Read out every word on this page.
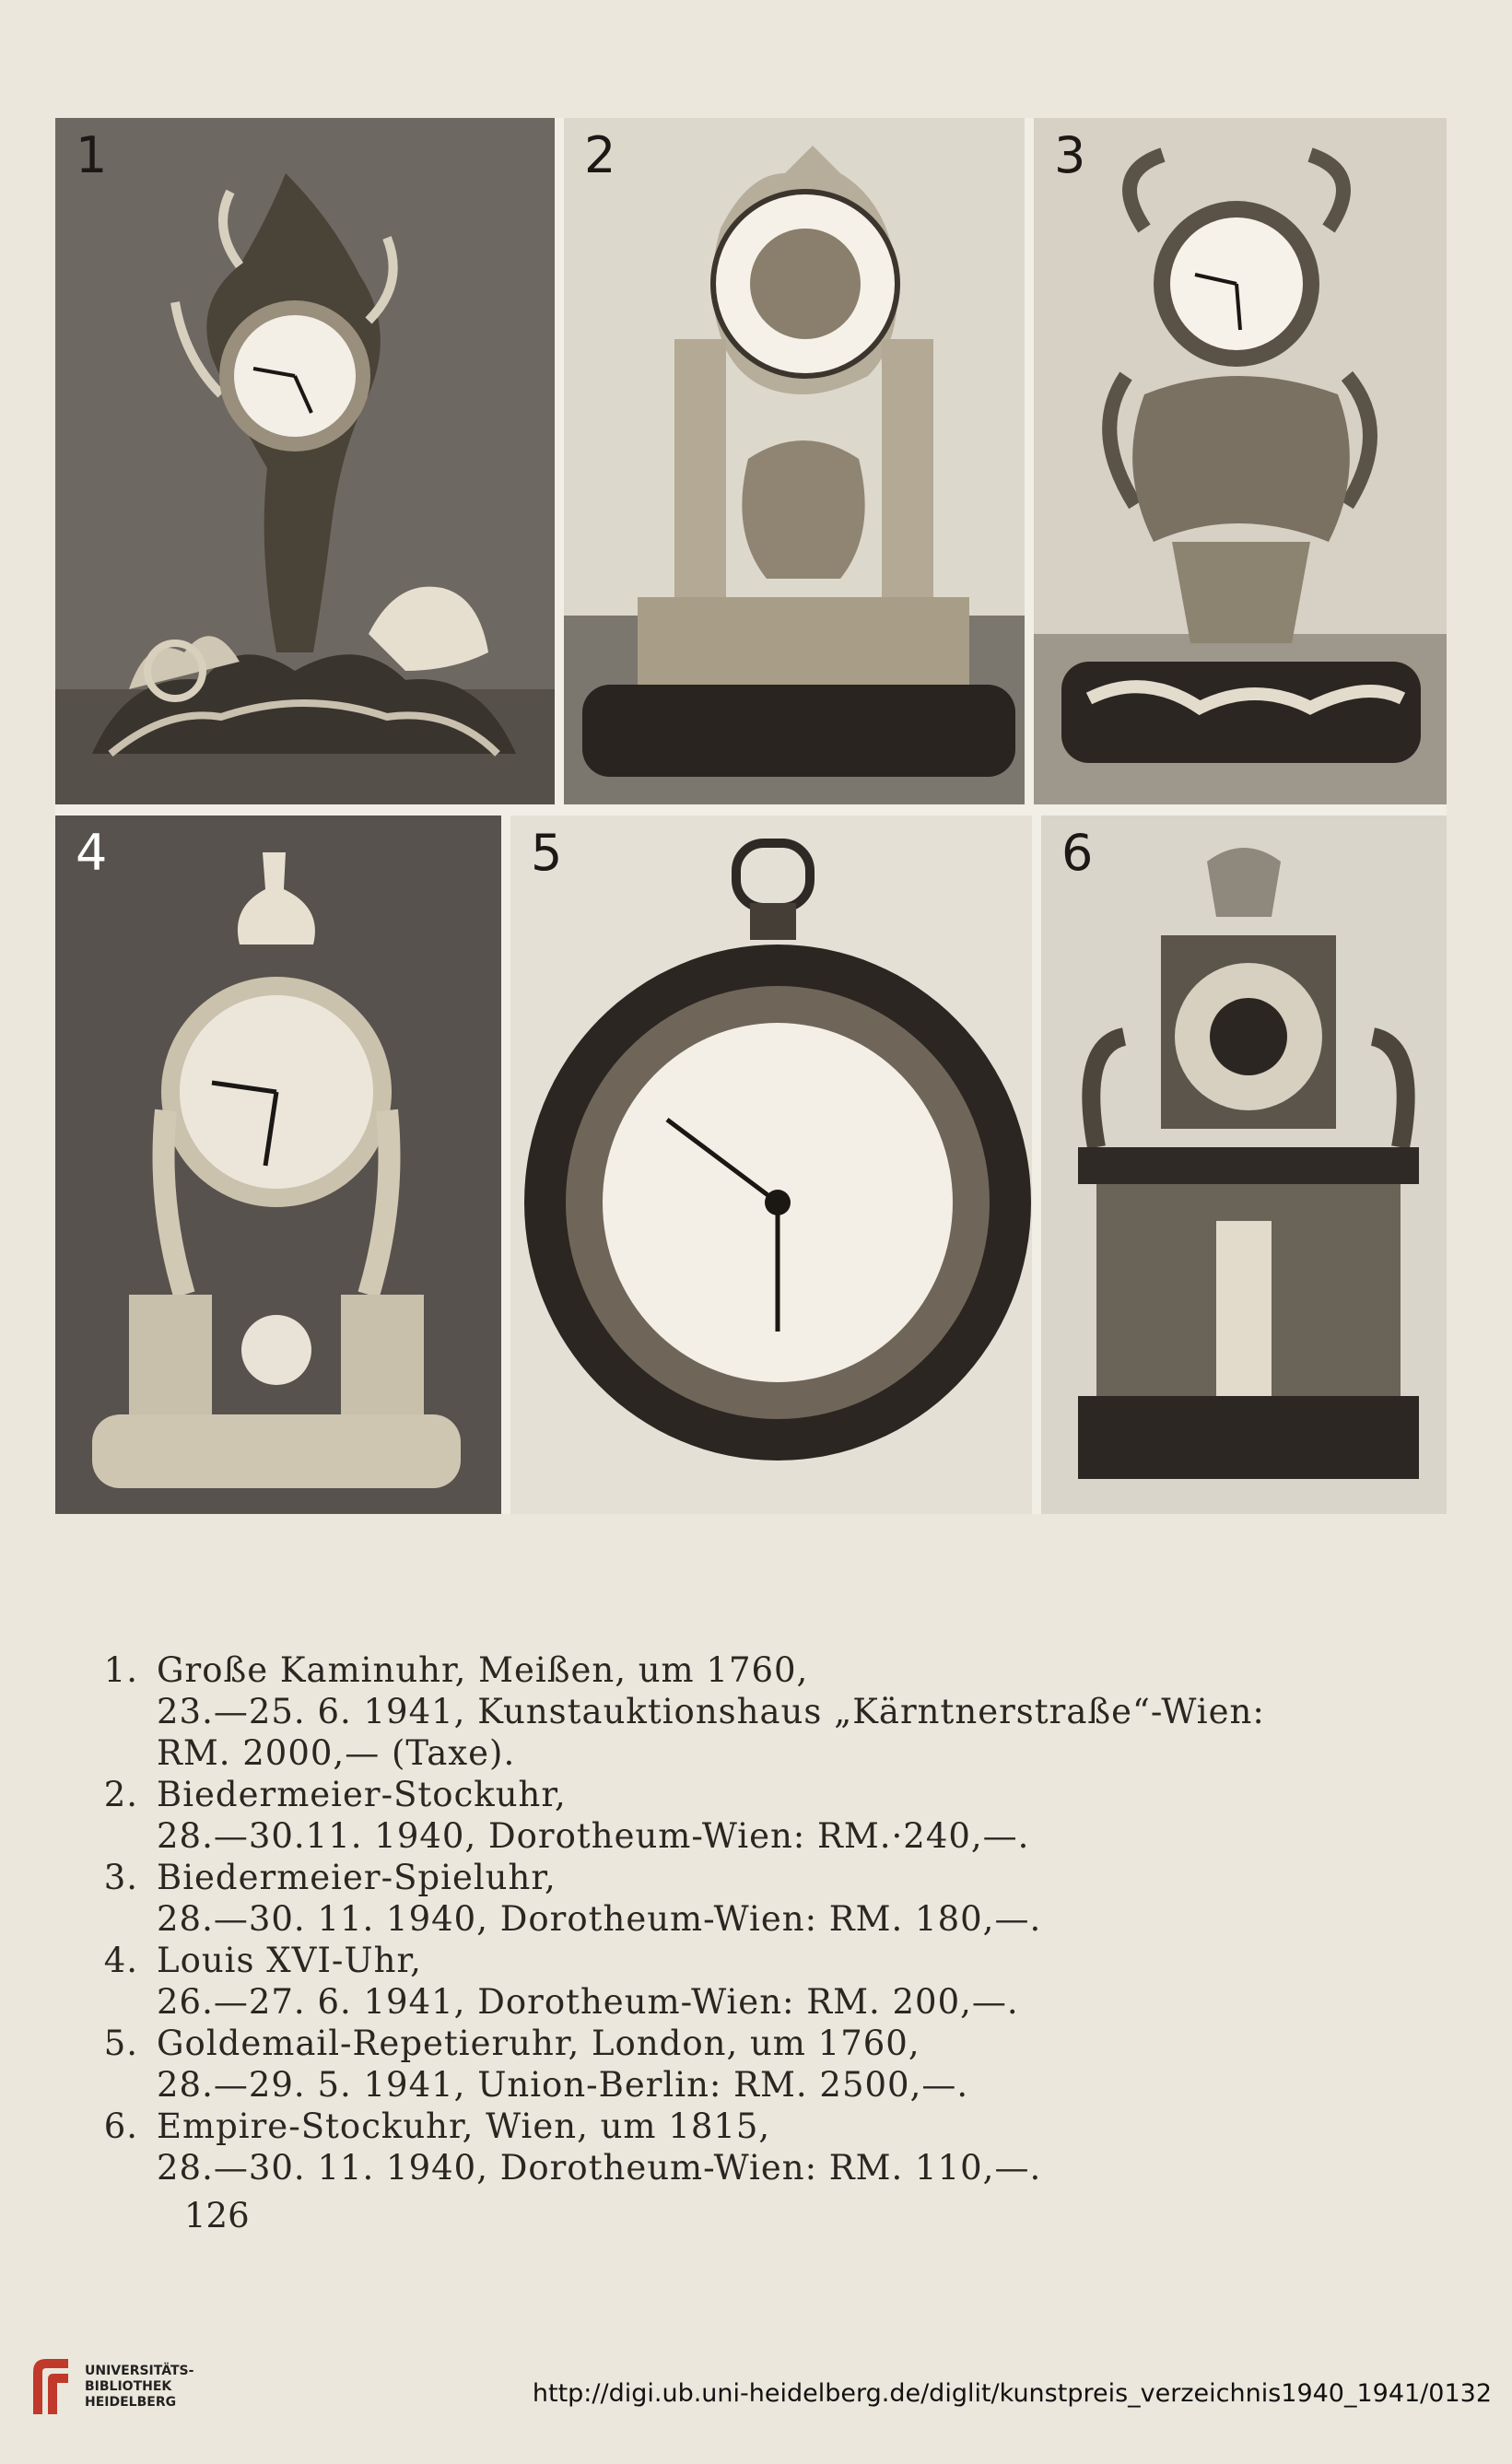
1	2	3
4	5	6
1. Große Kaminuhr, Meißen, um 1760,
23.—25. 6. 1941, Kunstauktionshaus „Kärntnerstraße“-Wien:
RM. 2000,— (Taxe).
2. Biedermeier-Stockuhr,
28.—30.11. 1940, Dorotheum-Wien: RM.·240,—.
3. Biedermeier-Spieluhr,
28.—30. 11. 1940, Dorotheum-Wien: RM. 180,—.
4. Louis XVI-Uhr,
26.—27. 6. 1941, Dorotheum-Wien: RM. 200,—.
5. Goldemail-Repetieruhr, London, um 1760,
28.—29. 5. 1941, Union-Berlin: RM. 2500,—.
6. Empire-Stockuhr, Wien, um 1815,
28.—30. 11. 1940, Dorotheum-Wien: RM. 110,—.
126
UNIVERSITÄTS-
BIBLIOTHEK
HEIDELBERG	http://digi.ub.uni-heidelberg.de/diglit/kunstpreis_verzeichnis1940_1941/0132
